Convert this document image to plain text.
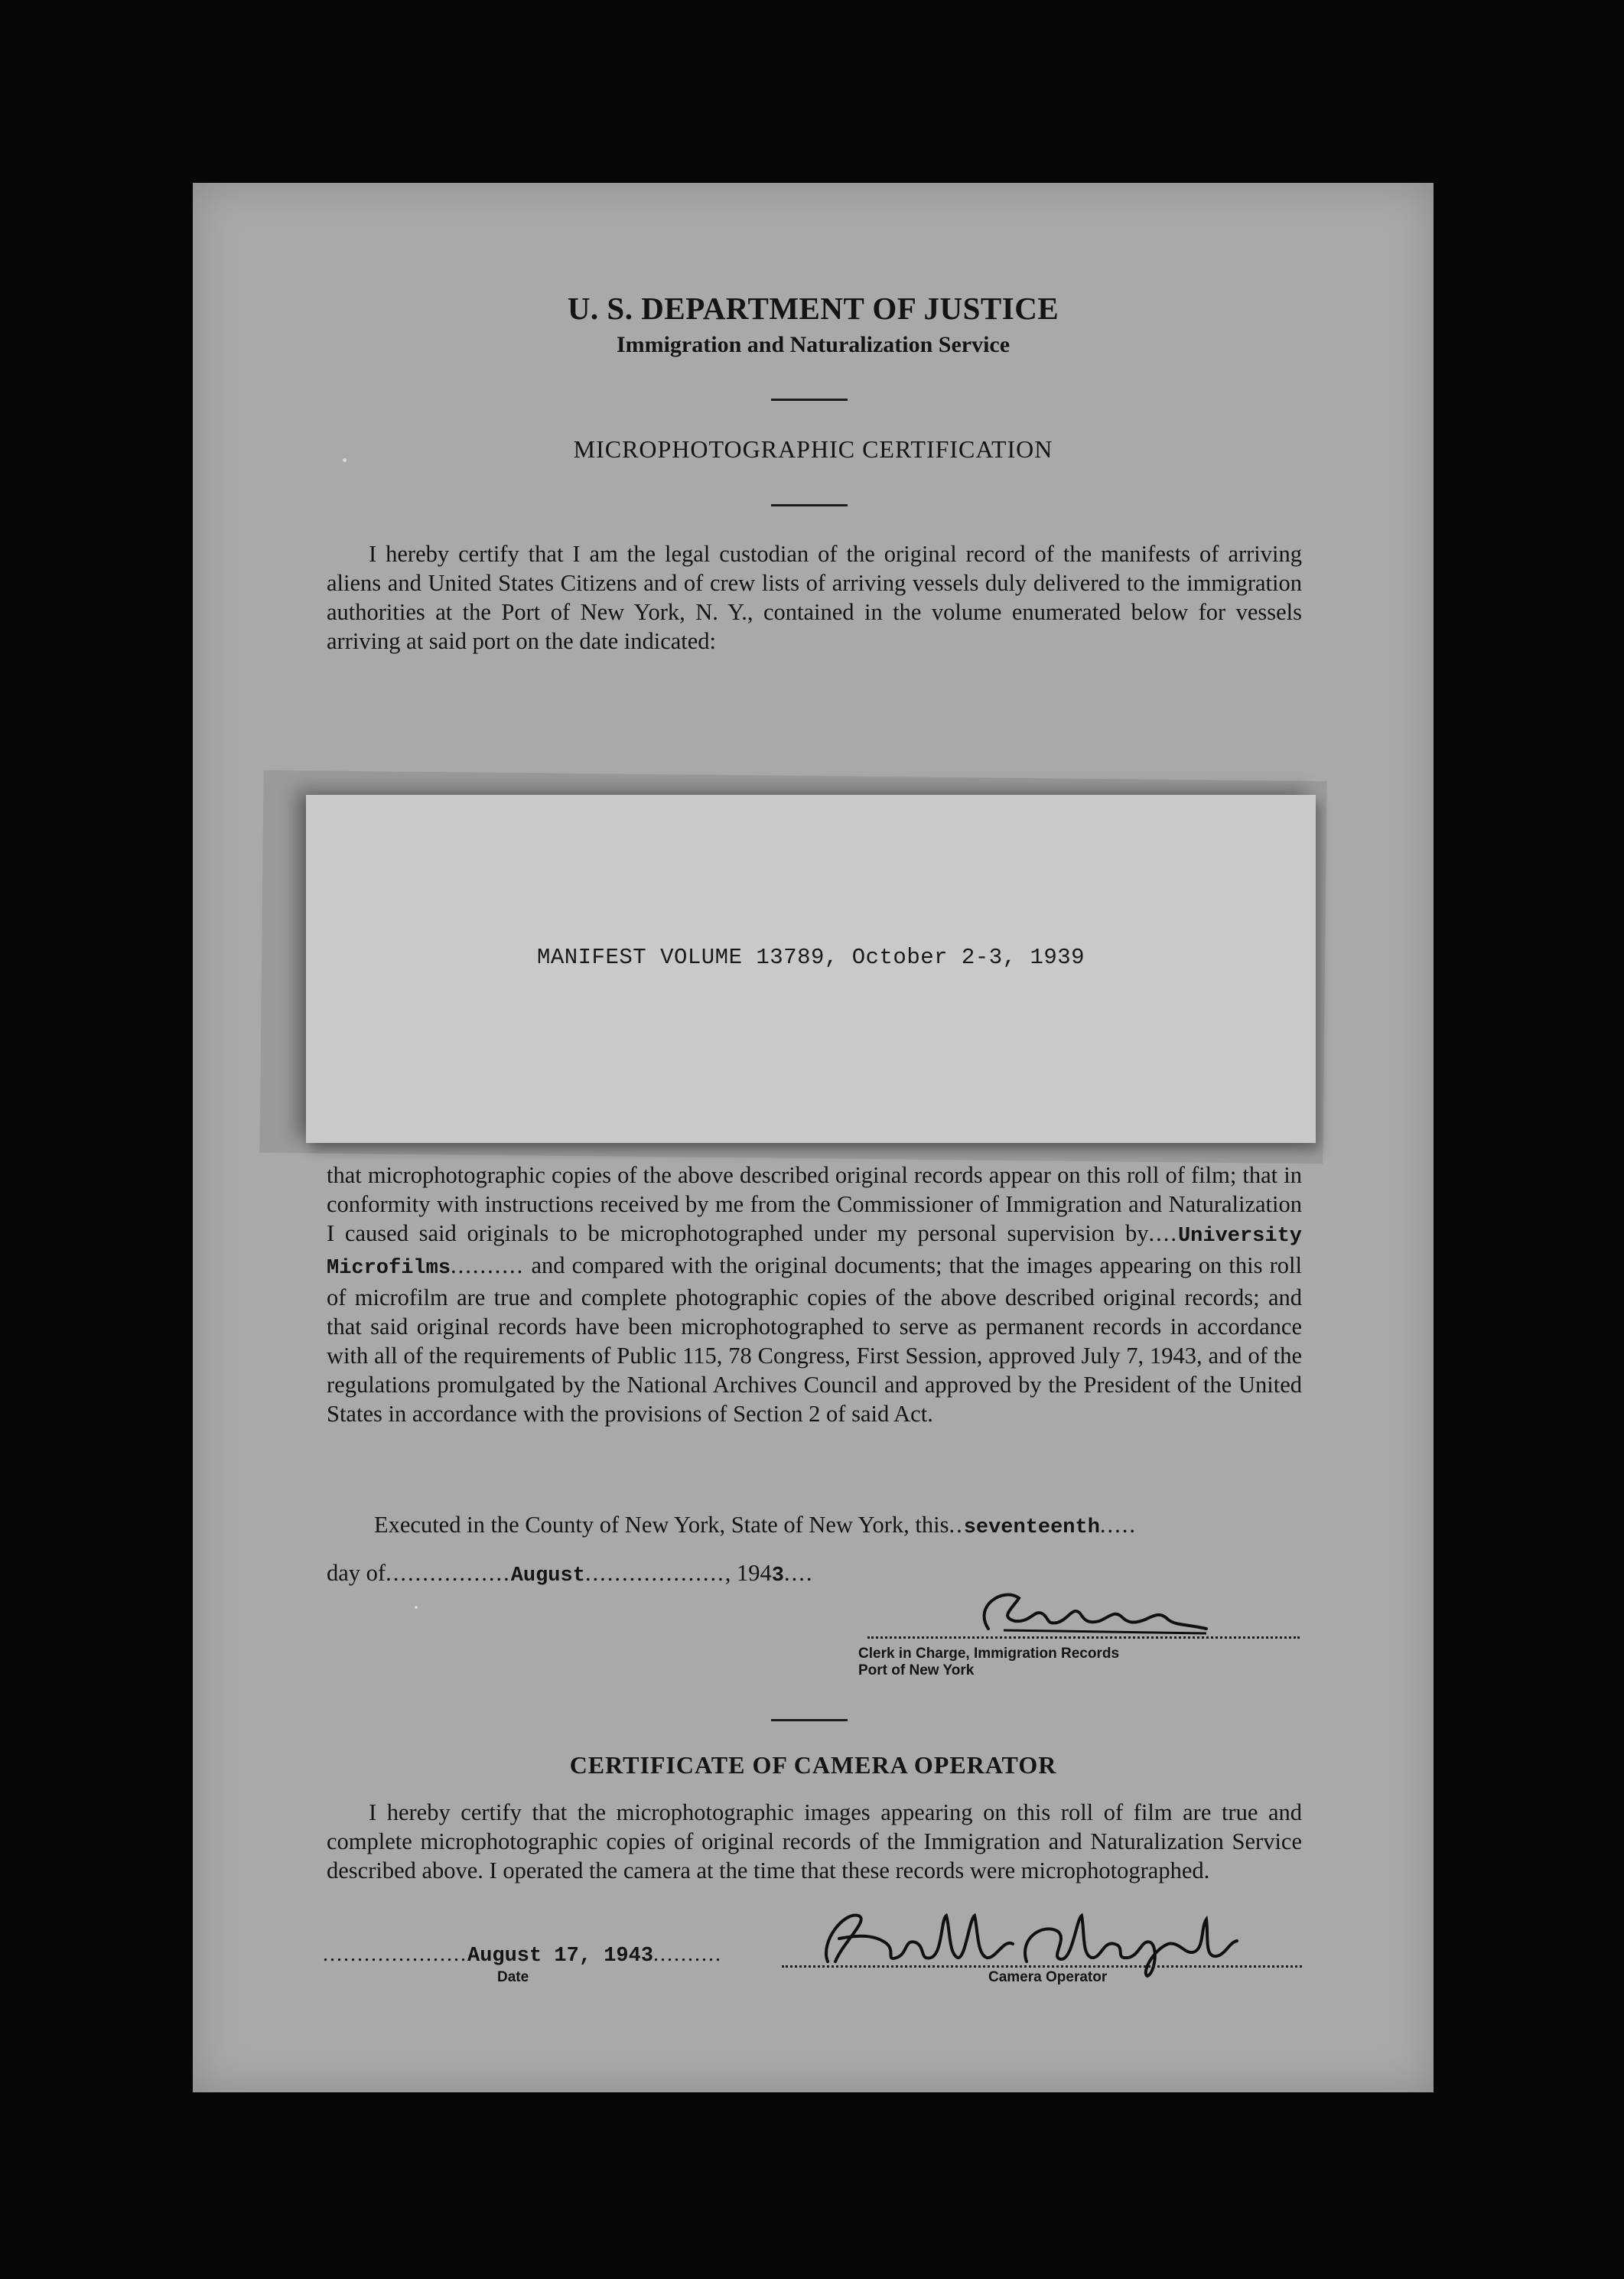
U. S. DEPARTMENT OF JUSTICE
Immigration and Naturalization Service
MICROPHOTOGRAPHIC CERTIFICATION
I hereby certify that I am the legal custodian of the original record of the manifests of arriving aliens and United States Citizens and of crew lists of arriving vessels duly delivered to the immigration authorities at the Port of New York, N. Y., contained in the volume enumerated below for vessels arriving at said port on the date indicated:
MANIFEST VOLUME 13789, October 2-3, 1939
that microphotographic copies of the above described original records appear on this roll of film; that in conformity with instructions received by me from the Commissioner of Immigration and Naturalization I caused said originals to be microphotographed under my personal supervision by....University Microfilms.......... and compared with the original documents; that the images appearing on this roll of microfilm are true and complete photographic copies of the above described original records; and that said original records have been microphotographed to serve as permanent records in accordance with all of the requirements of Public 115, 78 Congress, First Session, approved July 7, 1943, and of the regulations promulgated by the National Archives Council and approved by the President of the United States in accordance with the provisions of Section 2 of said Act.
Executed in the County of New York, State of New York, this..seventeenth.....
day of.................August..................., 1943....
Clerk in Charge, Immigration Records
Port of New York
CERTIFICATE OF CAMERA OPERATOR
I hereby certify that the microphotographic images appearing on this roll of film are true and complete microphotographic copies of original records of the Immigration and Naturalization Service described above. I operated the camera at the time that these records were microphotographed.
.....................August 17, 1943..........
Date	Camera Operator
